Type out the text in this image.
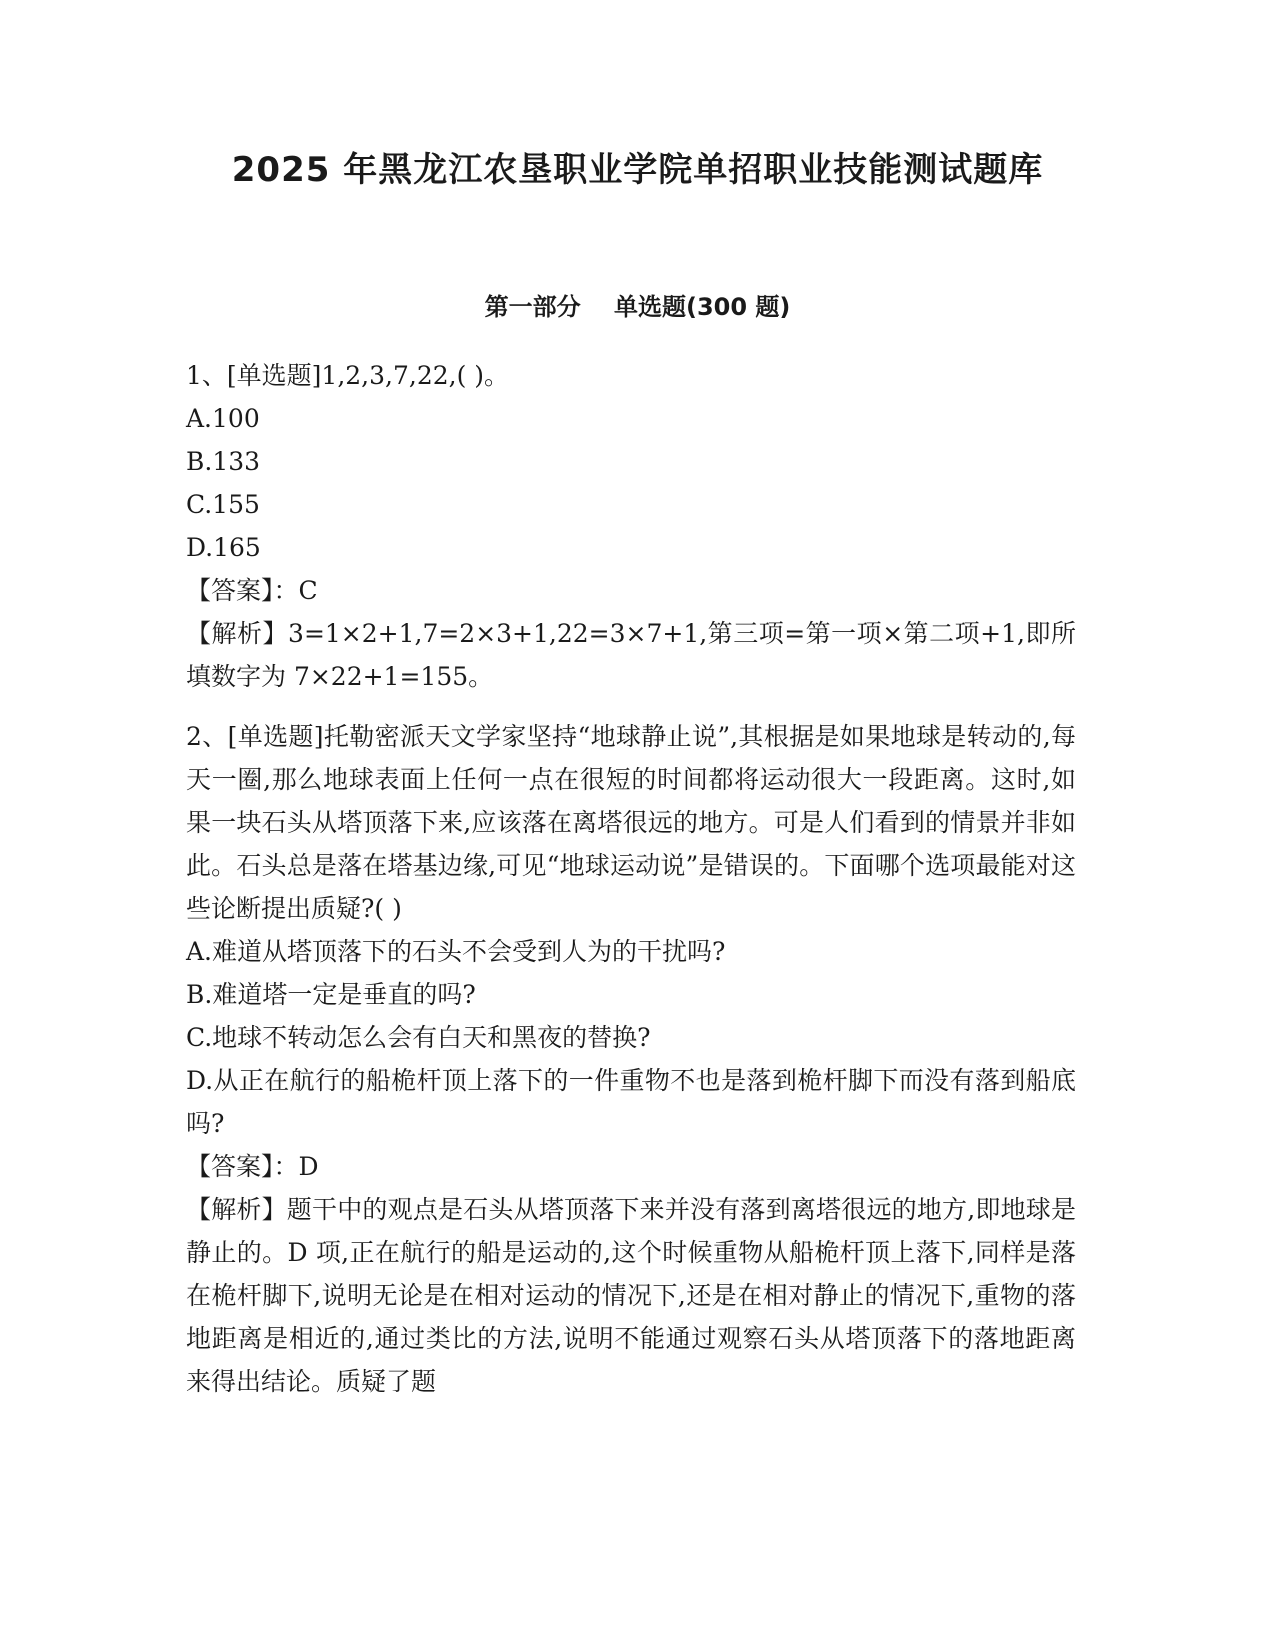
2025 年黑龙江农垦职业学院单招职业技能测试题库
第一部分    单选题(300 题)

1、[单选题]1,2,3,7,22,( )。

A.100

B.133

C.155

D.165

【答案】：C

【解析】3=1×2+1,7=2×3+1,22=3×7+1,第三项=第一项×第二项+1,即所填数字为 7×22+1=155。

2、[单选题]托勒密派天文学家坚持“地球静止说”,其根据是如果地球是转动的,每天一圈,那么地球表面上任何一点在很短的时间都将运动很大一段距离。这时,如果一块石头从塔顶落下来,应该落在离塔很远的地方。可是人们看到的情景并非如此。石头总是落在塔基边缘,可见“地球运动说”是错误的。下面哪个选项最能对这些论断提出质疑?( )

A.难道从塔顶落下的石头不会受到人为的干扰吗?

B.难道塔一定是垂直的吗?

C.地球不转动怎么会有白天和黑夜的替换?

D.从正在航行的船桅杆顶上落下的一件重物不也是落到桅杆脚下而没有落到船底吗?

【答案】：D

【解析】题干中的观点是石头从塔顶落下来并没有落到离塔很远的地方,即地球是静止的。D 项,正在航行的船是运动的,这个时候重物从船桅杆顶上落下,同样是落在桅杆脚下,说明无论是在相对运动的情况下,还是在相对静止的情况下,重物的落地距离是相近的,通过类比的方法,说明不能通过观察石头从塔顶落下的落地距离来得出结论。质疑了题
